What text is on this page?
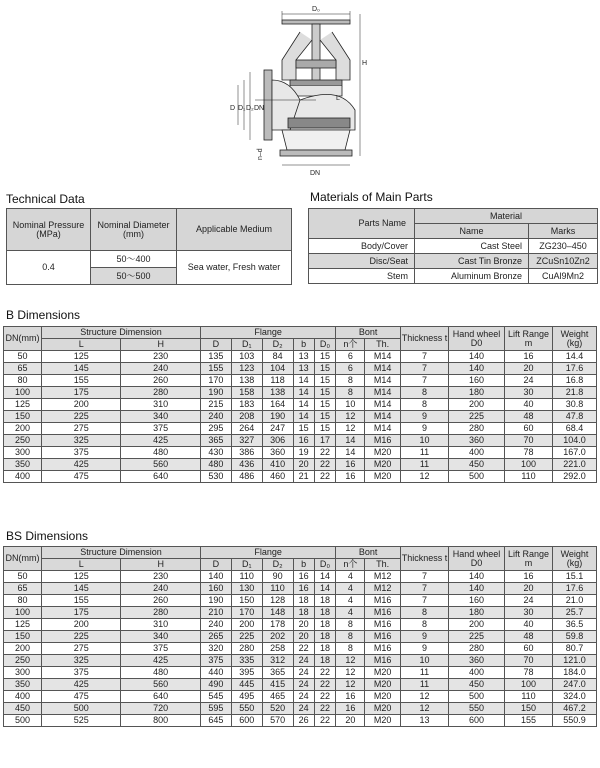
D₀
H
D D₁ D₂ DN
L
DN
n–d
Technical Data
Nominal Pressure (MPa)	Nominal Diameter (mm)	Applicable Medium
0.4	50～400	Sea water, Fresh water
	50～500	
Materials of Main Parts
Parts Name	Material	
	Name	Marks
Body/Cover	Cast Steel	ZG230–450
Disc/Seat	Cast Tin Bronze	ZCuSn10Zn2
Stem	Aluminum Bronze	CuAl9Mn2
B Dimensions
DN(mm)	Structure Dimension		Flange					Bont		Thickness t	Hand wheel D0	Lift Range m	Weight (kg)
	L	H	D	D₁	D₂	b	D₀	n个	Th.				
50	125	230	135	103	84	13	15	6	M14	7	140	16	14.4
65	145	240	155	123	104	13	15	6	M14	7	140	20	17.6
80	155	260	170	138	118	14	15	8	M14	7	160	24	16.8
100	175	280	190	158	138	14	15	8	M14	8	180	30	21.8
125	200	310	215	183	164	14	15	10	M14	8	200	40	30.8
150	225	340	240	208	190	14	15	12	M14	9	225	48	47.8
200	275	375	295	264	247	15	15	12	M14	9	280	60	68.4
250	325	425	365	327	306	16	17	14	M16	10	360	70	104.0
300	375	480	430	386	360	19	22	14	M20	11	400	78	167.0
350	425	560	480	436	410	20	22	16	M20	11	450	100	221.0
400	475	640	530	486	460	21	22	16	M20	12	500	110	292.0
BS Dimensions
DN(mm)	Structure Dimension		Flange					Bont		Thickness t	Hand wheel D0	Lift Range m	Weight (kg)
	L	H	D	D₁	D₂	b	D₀	n个	Th.				
50	125	230	140	110	90	16	14	4	M12	7	140	16	15.1
65	145	240	160	130	110	16	14	4	M12	7	140	20	17.6
80	155	260	190	150	128	18	18	4	M16	7	160	24	21.0
100	175	280	210	170	148	18	18	4	M16	8	180	30	25.7
125	200	310	240	200	178	20	18	8	M16	8	200	40	36.5
150	225	340	265	225	202	20	18	8	M16	9	225	48	59.8
200	275	375	320	280	258	22	18	8	M16	9	280	60	80.7
250	325	425	375	335	312	24	18	12	M16	10	360	70	121.0
300	375	480	440	395	365	24	22	12	M20	11	400	78	184.0
350	425	560	490	445	415	24	22	12	M20	11	450	100	247.0
400	475	640	545	495	465	24	22	16	M20	12	500	110	324.0
450	500	720	595	550	520	24	22	16	M20	12	550	150	467.2
500	525	800	645	600	570	26	22	20	M20	13	600	155	550.9
